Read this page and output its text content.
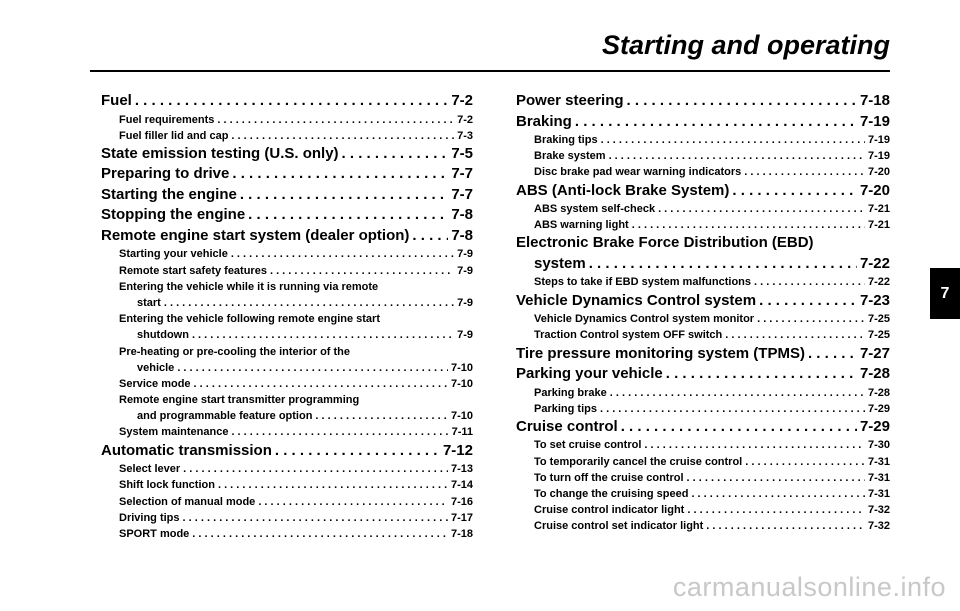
Starting and operating
Fuel . . .	7-2
Fuel requirements . . .	7-2
Fuel filler lid and cap . . .	7-3
State emission testing (U.S. only) . . .	7-5
Preparing to drive . . .	7-7
Starting the engine . . .	7-7
Stopping the engine . . .	7-8
Remote engine start system (dealer option) . . .	7-8
Starting your vehicle . . .	7-9
Remote start safety features . . .	7-9
Entering the vehicle while it is running via remote
start . . .	7-9
Entering the vehicle following remote engine start
shutdown . . .	7-9
Pre-heating or pre-cooling the interior of the
vehicle . . .	7-10
Service mode . . .	7-10
Remote engine start transmitter programming
and programmable feature option . . .	7-10
System maintenance . . .	7-11
Automatic transmission . . .	7-12
Select lever . . .	7-13
Shift lock function . . .	7-14
Selection of manual mode . . .	7-16
Driving tips . . .	7-17
SPORT mode . . .	7-18
Power steering . . .	7-18
Braking . . .	7-19
Braking tips . . .	7-19
Brake system . . .	7-19
Disc brake pad wear warning indicators . . .	7-20
ABS (Anti-lock Brake System) . . .	7-20
ABS system self-check . . .	7-21
ABS warning light . . .	7-21
Electronic Brake Force Distribution (EBD)
system . . .	7-22
Steps to take if EBD system malfunctions . . .	7-22
Vehicle Dynamics Control system . . .	7-23
Vehicle Dynamics Control system monitor . . .	7-25
Traction Control system OFF switch . . .	7-25
Tire pressure monitoring system (TPMS) . . .	7-27
Parking your vehicle . . .	7-28
Parking brake . . .	7-28
Parking tips . . .	7-29
Cruise control . . .	7-29
To set cruise control . . .	7-30
To temporarily cancel the cruise control . . .	7-31
To turn off the cruise control . . .	7-31
To change the cruising speed . . .	7-31
Cruise control indicator light . . .	7-32
Cruise control set indicator light . . .	7-32
7
carmanualsonline.info
